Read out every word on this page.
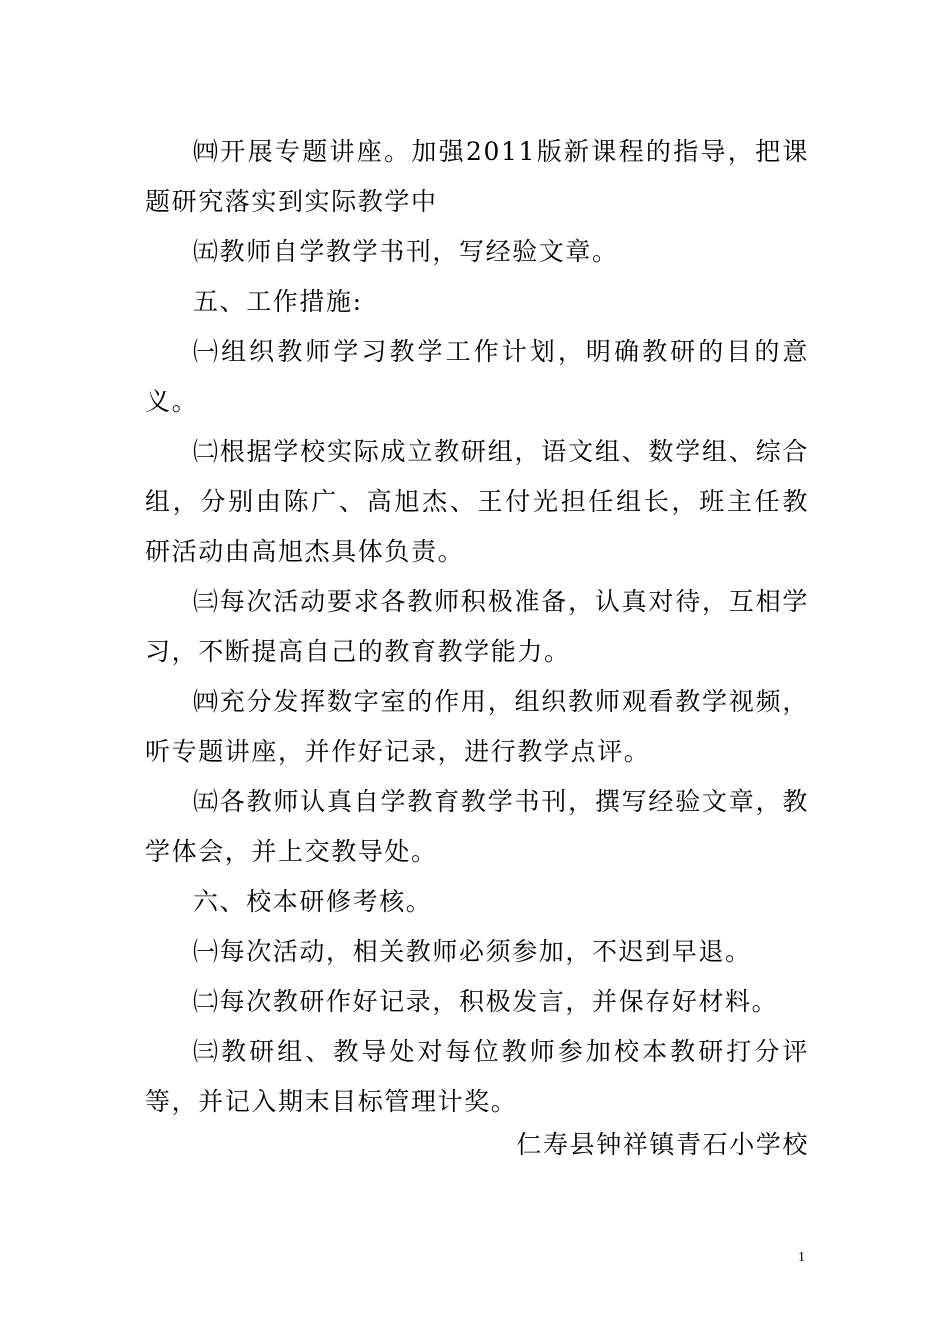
㈣开展专题讲座。加强2011版新课程的指导，把课题研究落实到实际教学中

㈤教师自学教学书刊，写经验文章。

五、工作措施:

㈠组织教师学习教学工作计划，明确教研的目的意义。

㈡根据学校实际成立教研组，语文组、数学组、综合组，分别由陈广、高旭杰、王付光担任组长，班主任教研活动由高旭杰具体负责。

㈢每次活动要求各教师积极准备，认真对待，互相学习，不断提高自己的教育教学能力。

㈣充分发挥数字室的作用，组织教师观看教学视频，听专题讲座，并作好记录，进行教学点评。

㈤各教师认真自学教育教学书刊，撰写经验文章，教学体会，并上交教导处。

六、校本研修考核。

㈠每次活动，相关教师必须参加，不迟到早退。

㈡每次教研作好记录，积极发言，并保存好材料。

㈢教研组、教导处对每位教师参加校本教研打分评等，并记入期末目标管理计奖。

仁寿县钟祥镇青石小学校
1
